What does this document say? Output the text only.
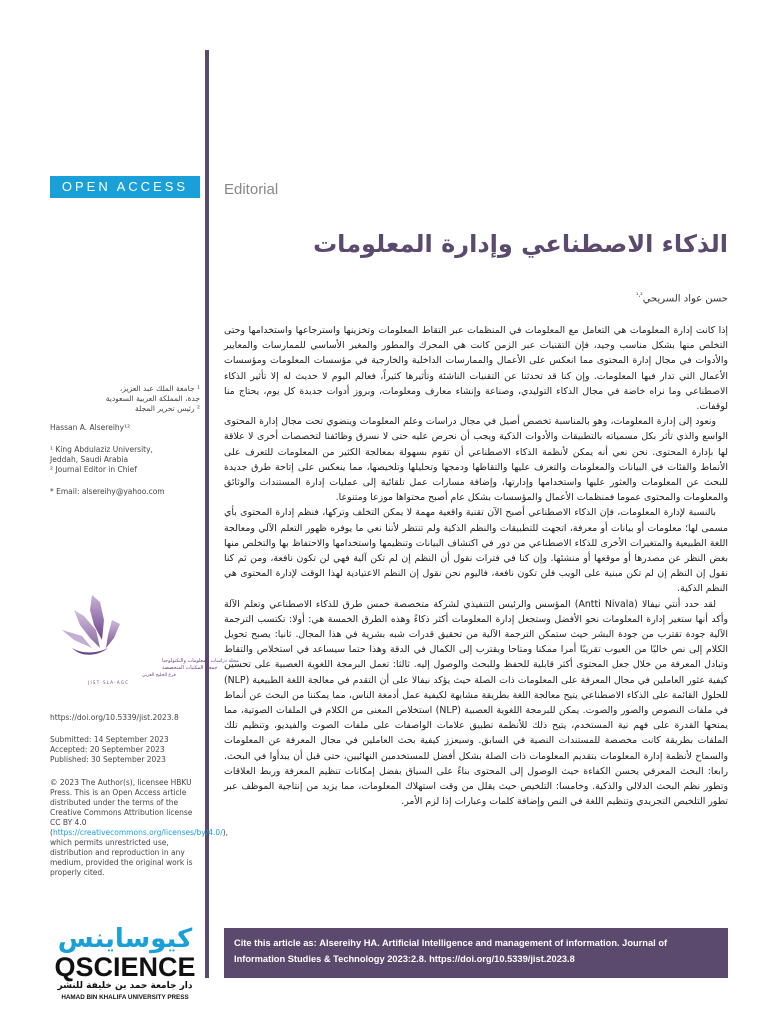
OPEN ACCESS	Editorial
الذكاء الاصطناعي وإدارة المعلومات
حسن عواد السريحي$^{^1،^2}$
¹ جامعة الملك عبد العزيز،
جدة، المملكة العربية السعودية
² رئيس تحرير المجلة
Hassan A. Alsereihy¹²
¹ King Abdulaziz University,
Jeddah, Saudi Arabia
² Journal Editor in Chief
* Email: alsereihy@yahoo.com
مجلة دراسات المعلومات والتكنولوجيا
جمعية المكتبات المتخصصة
فرع الخليج العربي
J I S T · S L A · A G C
https://doi.org/10.5339/jist.2023.8
Submitted: 14 September 2023
Accepted: 20 September 2023
Published: 30 September 2023
© 2023 The Author(s), licensee HBKU Press. This is an Open Access article distributed under the terms of the Creative Commons Attribution license CC BY 4.0 (https://creativecommons.org/licenses/by/4.0/), which permits unrestricted use, distribution and reproduction in any medium, provided the original work is properly cited.
كيوساينس
QSCIENCE
دار جامعة حمد بن خليفة للنشر
HAMAD BIN KHALIFA UNIVERSITY PRESS

إذا كانت إدارة المعلومات هي التعامل مع المعلومات في المنظمات عبر التقاط المعلومات وتخزينها واسترجاعها واستخدامها وحتى التخلص منها بشكل مناسب وجيد، فإن التقنيات عبر الزمن كانت هي المحرك والمطور والمغير الأساسي للممارسات والمعايير والأدوات في مجال إدارة المحتوى مما انعكس على الأعمال والممارسات الداخلية والخارجية في مؤسسات المعلومات ومؤسسات الأعمال التي تدار فيها المعلومات. وإن كنا قد تحدثنا عن التقنيات الناشئة وتأثيرها كثيراً، فعالم اليوم لا حديث له إلا تأثير الذكاء الاصطناعي وما نراه خاصة في مجال الذكاء التوليدي، وصناعة وإنشاء معارف ومعلومات، وبروز أدوات جديدة كل يوم، يحتاج منا لوقفات.

ونعود إلى إدارة المعلومات، وهو بالمناسبة تخصص أصيل في مجال دراسات وعلم المعلومات وينضوي تحت مجال إدارة المحتوى الواسع والذي تأثر بكل مسمياته بالتطبيقات والأدوات الذكية ويجب أن نحرص عليه حتى لا نسرق وظائفنا لتخصصات أخرى لا علاقة لها بإدارة المحتوى. نحن نعي أنه يمكن لأنظمة الذكاء الاصطناعي أن تقوم بسهولة بمعالجة الكثير من المعلومات للتعرف على الأنماط والفئات في البيانات والمعلومات والتعرف عليها والتقاطها ودمجها وتحليلها وتلخيصها، مما ينعكس على إتاحة طرق جديدة للبحث عن المعلومات والعثور عليها واستخدامها وإدارتها، وإضافة مسارات عمل تلقائية إلى عمليات إدارة المستندات والوثائق والمعلومات والمحتوى عموما فمنظمات الأعمال والمؤسسات بشكل عام أصبح محتواها موزعا ومتنوعا.

بالنسبة لإدارة المعلومات، فإن الذكاء الاصطناعي أصبح الآن تقنية واقعية مهمة لا يمكن التخلف وتركها، فنظم إدارة المحتوى بأي مسمى لها؛ معلومات أو بيانات أو معرفة، اتجهت للتطبيقات والنظم الذكية ولم تنتظر لأننا نعي ما يوفره ظهور التعلم الآلي ومعالجة اللغة الطبيعية والمتغيرات الأخرى للذكاء الاصطناعي من دور في اكتشاف البيانات وتنظيمها واستخدامها والاحتفاظ بها والتخلص منها بغض النظر عن مصدرها أو موقعها أو منشئها. وإن كنا في فترات نقول أن النظم إن لم تكن آلية فهي لن تكون نافعة، ومن ثم كنا نقول إن النظم إن لم تكن مبنية على الويب فلن تكون نافعة، فاليوم نحن نقول إن النظم الاعتيادية لهذا الوقت لإدارة المحتوى هي النظم الذكية.

لقد حدد أنتي نيفالا (Antti Nivala) المؤسس والرئيس التنفيذي لشركة متخصصة خمس طرق للذكاء الاصطناعي وتعلم الآلة وأكد أنها ستغير إدارة المعلومات نحو الأفضل وستجعل إدارة المعلومات أكثر ذكاءً وهذه الطرق الخمسة هي: أولا: تكتسب الترجمة الآلية جودة تقترب من جودة البشر حيث ستمكن الترجمة الآلية من تحقيق قدرات شبه بشرية في هذا المجال. ثانيا: يصبح تحويل الكلام إلى نص خاليًا من العيوب تقريبًا أمرا ممكنا ومتاحا ويقترب إلى الكمال في الدقة وهذا حتما سيساعد في استخلاص والتقاط وتبادل المعرفة من خلال جعل المحتوى أكثر قابلية للحفظ وللبحث والوصول إليه. ثالثا: تعمل البرمجة اللغوية العصبية على تحسين كيفية عثور العاملين في مجال المعرفة على المعلومات ذات الصلة حيث يؤكد نيفالا على أن التقدم في معالجة اللغة الطبيعية (NLP) للحلول القائمة على الذكاء الاصطناعي يتيح معالجة اللغة بطريقة مشابهة لكيفية عمل أدمغة الناس، مما يمكننا من البحث عن أنماط في ملفات النصوص والصور والصوت. يمكن للبرمجة اللغوية العصبية (NLP) استخلاص المعنى من الكلام في الملفات الصوتية، مما يمنحها القدرة على فهم نية المستخدم، يتيح ذلك للأنظمة تطبيق علامات الواصفات على ملفات الصوت والفيديو، وتنظيم تلك الملفات بطريقة كانت مخصصة للمستندات النصية في السابق. وسيعزز كيفية بحث العاملين في مجال المعرفة عن المعلومات والسماح لأنظمة إدارة المعلومات بتقديم المعلومات ذات الصلة بشكل أفضل للمستخدمين النهائيين، حتى قبل أن يبدأوا في البحث. رابعا: البحث المعرفي يحسن الكفاءة حيث الوصول إلى المحتوى بناءً على السياق بفضل إمكانات تنظيم المعرفة وربط العلاقات وتطور نظم البحث الدلالي والذكية. وخامسا: التلخيص حيث يقلل من وقت استهلاك المعلومات، مما يزيد من إنتاجية الموظف عبر تطور التلخيص التجريدي وتنظيم اللغة في النص وإضافة كلمات وعبارات إذا لزم الأمر.

Cite this article as: Alsereihy HA. Artificial Intelligence and management of information. Journal of Information Studies & Technology 2023:2.8. https://doi.org/10.5339/jist.2023.8
